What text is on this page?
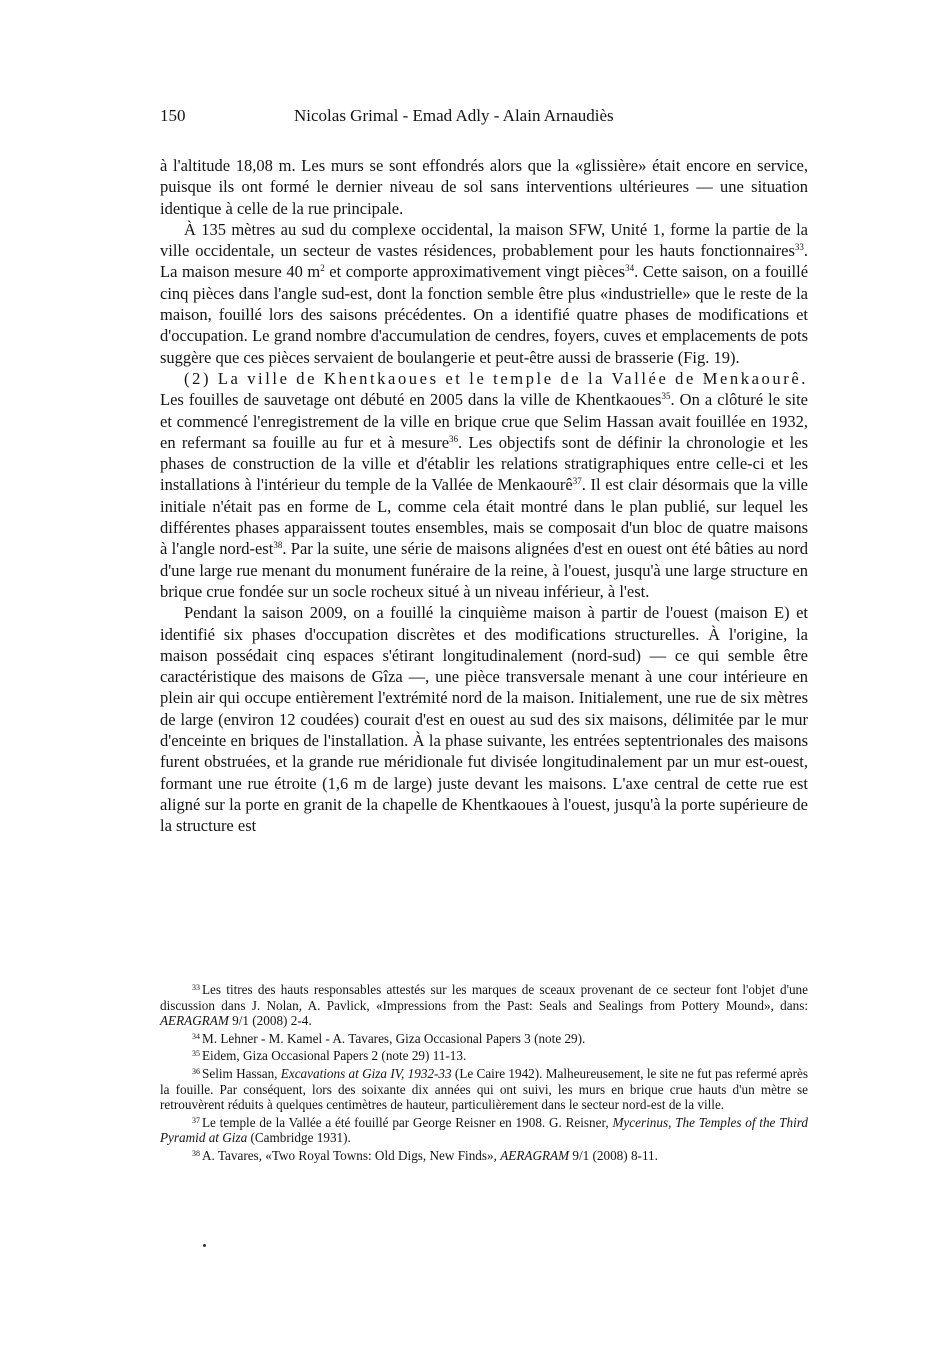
150	Nicolas Grimal - Emad Adly - Alain Arnaudiès

à l'altitude 18,08 m. Les murs se sont effondrés alors que la «glissière» était encore en service, puisque ils ont formé le dernier niveau de sol sans interventions ultérieures — une situation identique à celle de la rue principale.

À 135 mètres au sud du complexe occidental, la maison SFW, Unité 1, forme la partie de la ville occidentale, un secteur de vastes résidences, probablement pour les hauts fonctionnaires$^{33}$. La maison mesure 40 $m^2$ et comporte approximativement vingt pièces$^{34}$. Cette saison, on a fouillé cinq pièces dans l'angle sud-est, dont la fonction semble être plus «industrielle» que le reste de la maison, fouillé lors des saisons précédentes. On a identifié quatre phases de modifications et d'occupation. Le grand nombre d'accumulation de cendres, foyers, cuves et emplacements de pots suggère que ces pièces servaient de boulangerie et peut-être aussi de brasserie (Fig. 19).

(2) La ville de Khentkaoues et le temple de la Vallée de Menkaourê. Les fouilles de sauvetage ont débuté en 2005 dans la ville de Khentkaoues$^{35}$. On a clôturé le site et commencé l'enregistrement de la ville en brique crue que Selim Hassan avait fouillée en 1932, en refermant sa fouille au fur et à mesure$^{36}$. Les objectifs sont de définir la chronologie et les phases de construction de la ville et d'établir les relations stratigraphiques entre celle-ci et les installations à l'intérieur du temple de la Vallée de Menkaourê$^{37}$. Il est clair désormais que la ville initiale n'était pas en forme de L, comme cela était montré dans le plan publié, sur lequel les différentes phases apparaissent toutes ensembles, mais se composait d'un bloc de quatre maisons à l'angle nord-est$^{38}$. Par la suite, une série de maisons alignées d'est en ouest ont été bâties au nord d'une large rue menant du monument funéraire de la reine, à l'ouest, jusqu'à une large structure en brique crue fondée sur un socle rocheux situé à un niveau inférieur, à l'est.

Pendant la saison 2009, on a fouillé la cinquième maison à partir de l'ouest (maison E) et identifié six phases d'occupation discrètes et des modifications structurelles. À l'origine, la maison possédait cinq espaces s'étirant longitudinalement (nord-sud) — ce qui semble être caractéristique des maisons de Gîza —, une pièce transversale menant à une cour intérieure en plein air qui occupe entièrement l'extrémité nord de la maison. Initialement, une rue de six mètres de large (environ 12 coudées) courait d'est en ouest au sud des six maisons, délimitée par le mur d'enceinte en briques de l'installation. À la phase suivante, les entrées septentrionales des maisons furent obstruées, et la grande rue méridionale fut divisée longitudinalement par un mur est-ouest, formant une rue étroite (1,6 m de large) juste devant les maisons. L'axe central de cette rue est aligné sur la porte en granit de la chapelle de Khentkaoues à l'ouest, jusqu'à la porte supérieure de la structure est

$^{33}$ Les titres des hauts responsables attestés sur les marques de sceaux provenant de ce secteur font l'objet d'une discussion dans J. Nolan, A. Pavlick, «Impressions from the Past: Seals and Sealings from Pottery Mound», dans: AERAGRAM 9/1 (2008) 2-4.

$^{34}$ M. Lehner - M. Kamel - A. Tavares, Giza Occasional Papers 3 (note 29).

$^{35}$ Eidem, Giza Occasional Papers 2 (note 29) 11-13.

$^{36}$ Selim Hassan, Excavations at Giza IV, 1932-33 (Le Caire 1942). Malheureusement, le site ne fut pas refermé après la fouille. Par conséquent, lors des soixante dix années qui ont suivi, les murs en brique crue hauts d'un mètre se retrouvèrent réduits à quelques centimètres de hauteur, particulièrement dans le secteur nord-est de la ville.

$^{37}$ Le temple de la Vallée a été fouillé par George Reisner en 1908. G. Reisner, Mycerinus, The Temples of the Third Pyramid at Giza (Cambridge 1931).

$^{38}$ A. Tavares, «Two Royal Towns: Old Digs, New Finds», AERAGRAM 9/1 (2008) 8-11.
